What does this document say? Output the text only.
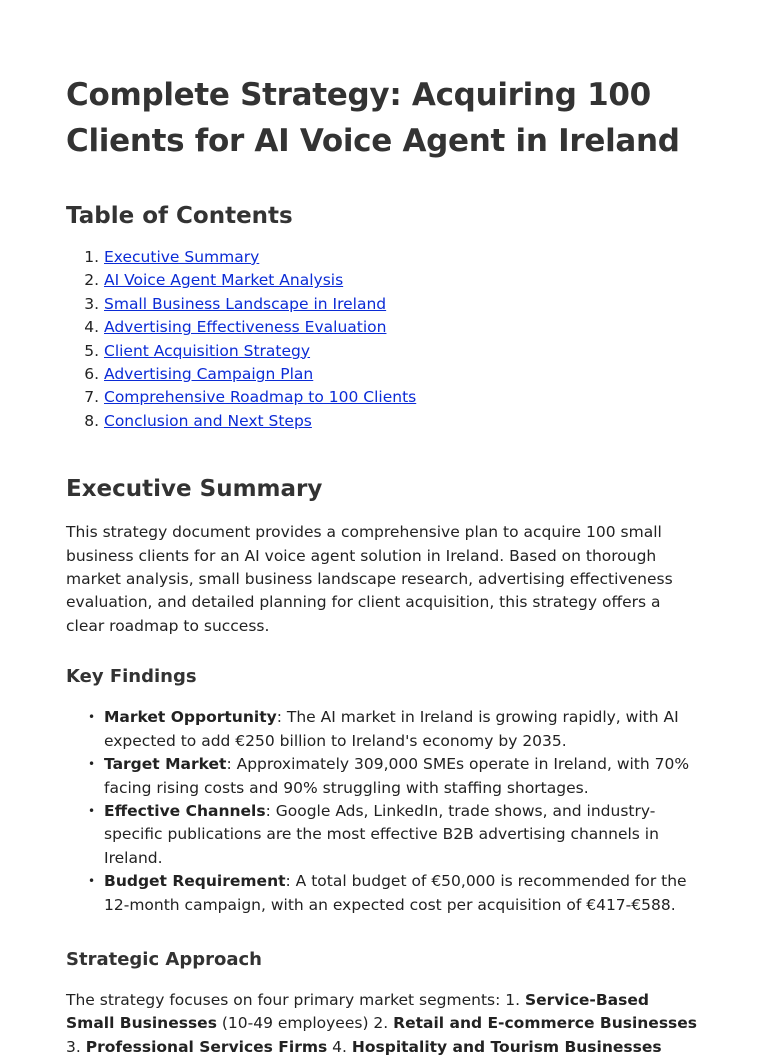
Complete Strategy: Acquiring 100 Clients for AI Voice Agent in Ireland
Table of Contents
1. Executive Summary
2. AI Voice Agent Market Analysis
3. Small Business Landscape in Ireland
4. Advertising Effectiveness Evaluation
5. Client Acquisition Strategy
6. Advertising Campaign Plan
7. Comprehensive Roadmap to 100 Clients
8. Conclusion and Next Steps
Executive Summary

This strategy document provides a comprehensive plan to acquire 100 small business clients for an AI voice agent solution in Ireland. Based on thorough market analysis, small business landscape research, advertising effectiveness evaluation, and detailed planning for client acquisition, this strategy offers a clear roadmap to success.

Key Findings
• Market Opportunity: The AI market in Ireland is growing rapidly, with AI expected to add €250 billion to Ireland's economy by 2035.
• Target Market: Approximately 309,000 SMEs operate in Ireland, with 70% facing rising costs and 90% struggling with staffing shortages.
• Effective Channels: Google Ads, LinkedIn, trade shows, and industry-specific publications are the most effective B2B advertising channels in Ireland.
• Budget Requirement: A total budget of €50,000 is recommended for the 12-month campaign, with an expected cost per acquisition of €417-€588.
Strategic Approach

The strategy focuses on four primary market segments: 1. Service-Based Small Businesses (10-49 employees) 2. Retail and E-commerce Businesses 3. Professional Services Firms 4. Hospitality and Tourism Businesses
